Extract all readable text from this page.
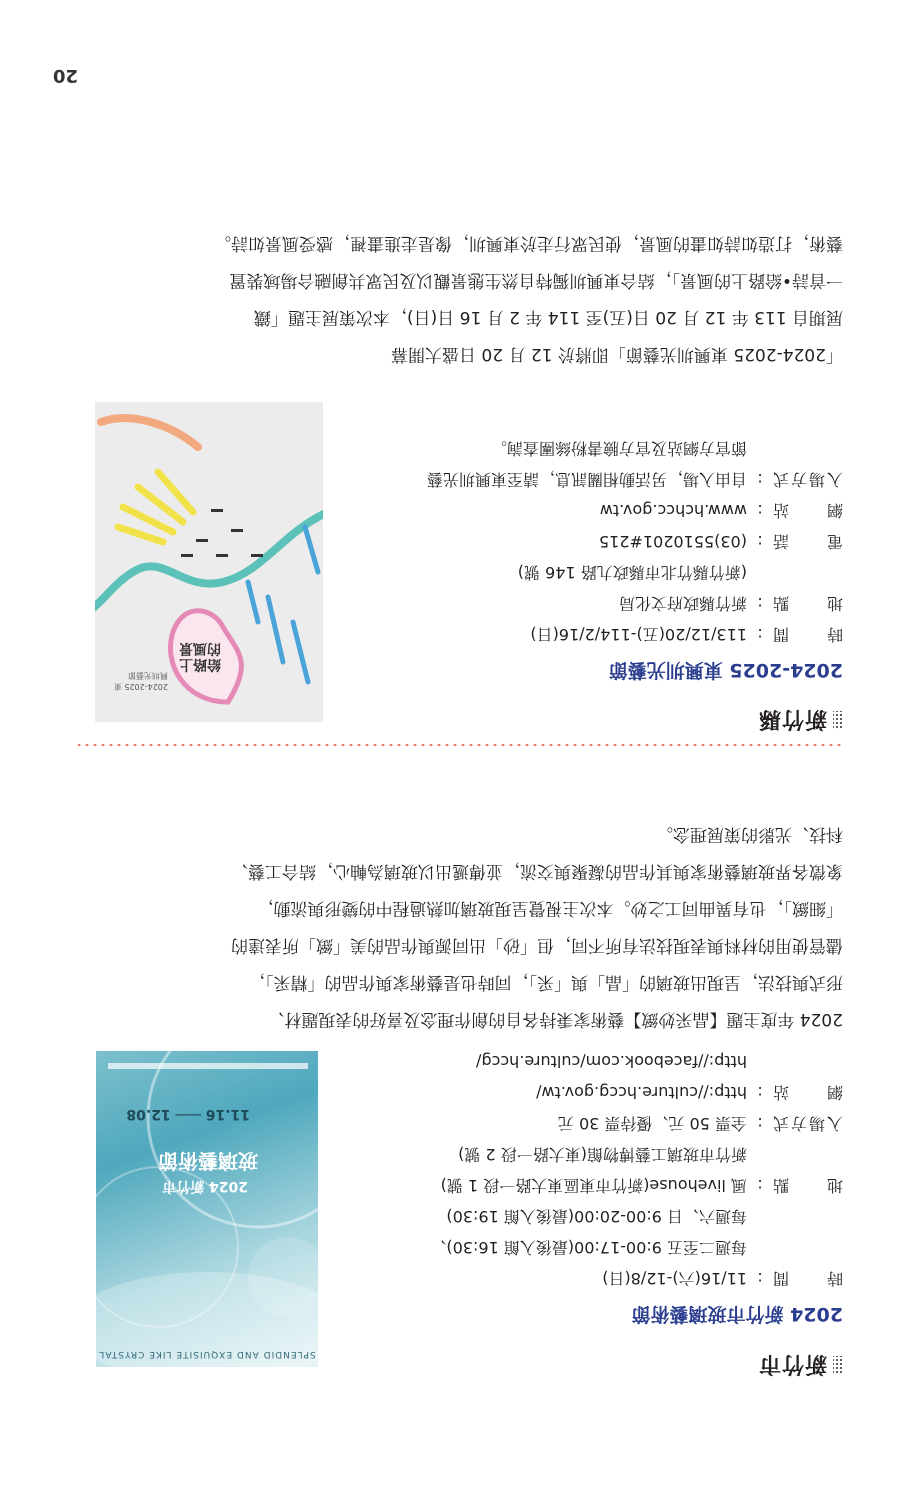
新竹市
2024 新竹市玻璃藝術節
時　　間
:
11/16(六)-12/8(日)
每週二至五 9:00-17:00(最後入館 16:30)、
每週六、日 9:00-20:00(最後入館 19:30)
地　　點
:
風 livehouse(新竹市東區東大路一段 1 號)
新竹市玻璃工藝博物館(東大路一段 2 號)
入場方式
:
全票 50 元、優待票 30 元
網　　站
:
http://culture.hccg.gov.tw/
http://facebook.com/culture.hccg/
SPLENDID AND EXQUISITE LIKE CRYSTAL
2024 新竹市
玻璃藝術節
11.16 ─── 12.08

2024 年度主題【晶采妙緻】藝術家秉持各自的創作理念及喜好的表現題材、

形式與技法，呈現出玻璃的「晶」與「采」，同時也是藝術家與作品的「精采」，

儘管使用的材料與表現技法有所不同，但「砂」出同源與作品的美「緻」所表達的

「細緻」，也有異曲同工之妙。本次主視覺呈現玻璃加熱過程中的變形與流動，

象徵各界玻璃藝術家與其作品的凝聚與交流，並傳遞出以玻璃為軸心，結合工藝、

科技、光影的策展理念。

新竹縣
2024-2025 東興圳光藝節
時　　間
:
113/12/20(五)-114/2/16(日)
地　　點
:
新竹縣政府文化局
(新竹縣竹北市縣政九路 146 號)
電　　話
:
(03)5510201#215
網　　站
:
www.hchcc.gov.tw
入場方式
:
自由入場，另活動相關訊息，請至東興圳光藝
節官方網站及官方臉書粉絲團查詢。
給路上的風景
2024-2025 東興圳光藝節

「2024-2025 東興圳光藝節」即將於 12 月 20 日盛大開幕

展期自 113 年 12 月 20 日(五)至 114 年 2 月 16 日(日)，本次策展主題「鐵

一首詩•給路上的風景」，結合東興圳獨特自然生態景觀以及民眾共創融合場域裝置

藝術，打造如詩如畫的風景，使民眾行走於東興圳，像是走進畫裡，感受風景如詩。

20
